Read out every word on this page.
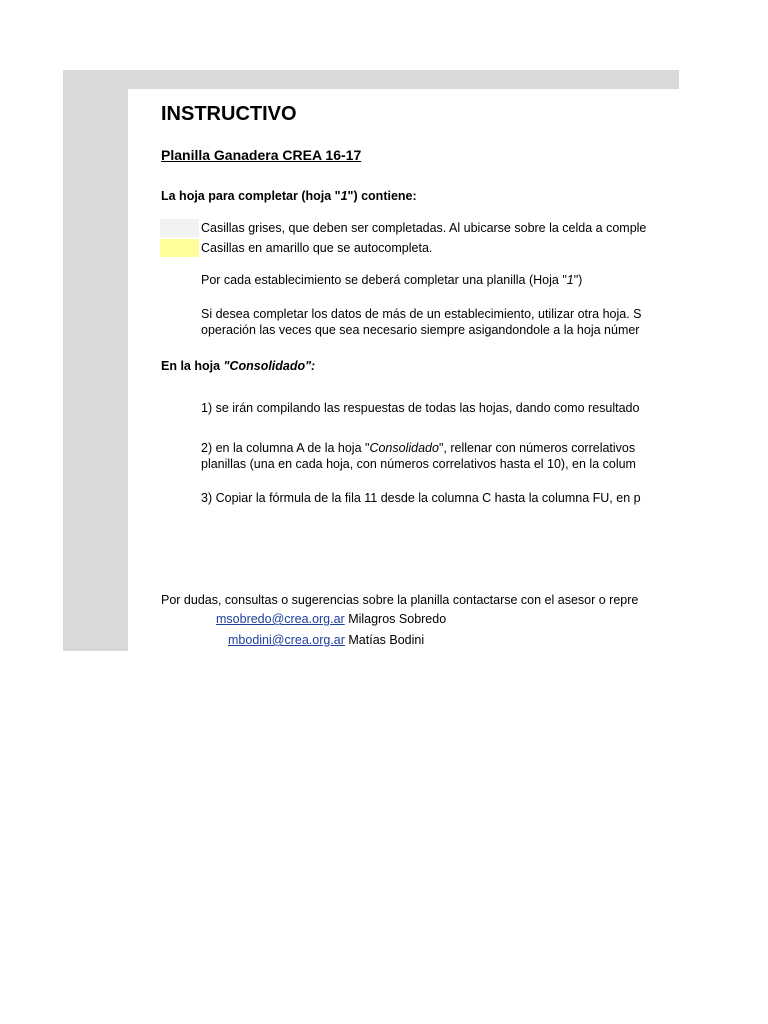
INSTRUCTIVO
Planilla Ganadera CREA 16-17
La hoja para completar (hoja "1") contiene:
Casillas grises, que deben ser completadas. Al ubicarse sobre la celda a comple
Casillas en amarillo que se autocompleta.
Por cada establecimiento se deberá completar una planilla (Hoja "1")
Si desea completar los datos de más de un establecimiento, utilizar otra hoja. S
operación las veces que sea necesario siempre asigandondole a la hoja númer
En la hoja "Consolidado":
1) se irán compilando las respuestas de todas las hojas, dando como resultado
2) en la columna A de la hoja "Consolidado", rellenar con números correlativos
planillas (una en cada hoja, con números correlativos hasta el 10), en la colum
3) Copiar la fórmula de la fila 11 desde la columna C hasta la columna FU, en p
Por dudas, consultas o sugerencias sobre la planilla contactarse con el asesor o repre
msobredo@crea.org.ar Milagros Sobredo
mbodini@crea.org.ar Matías Bodini
